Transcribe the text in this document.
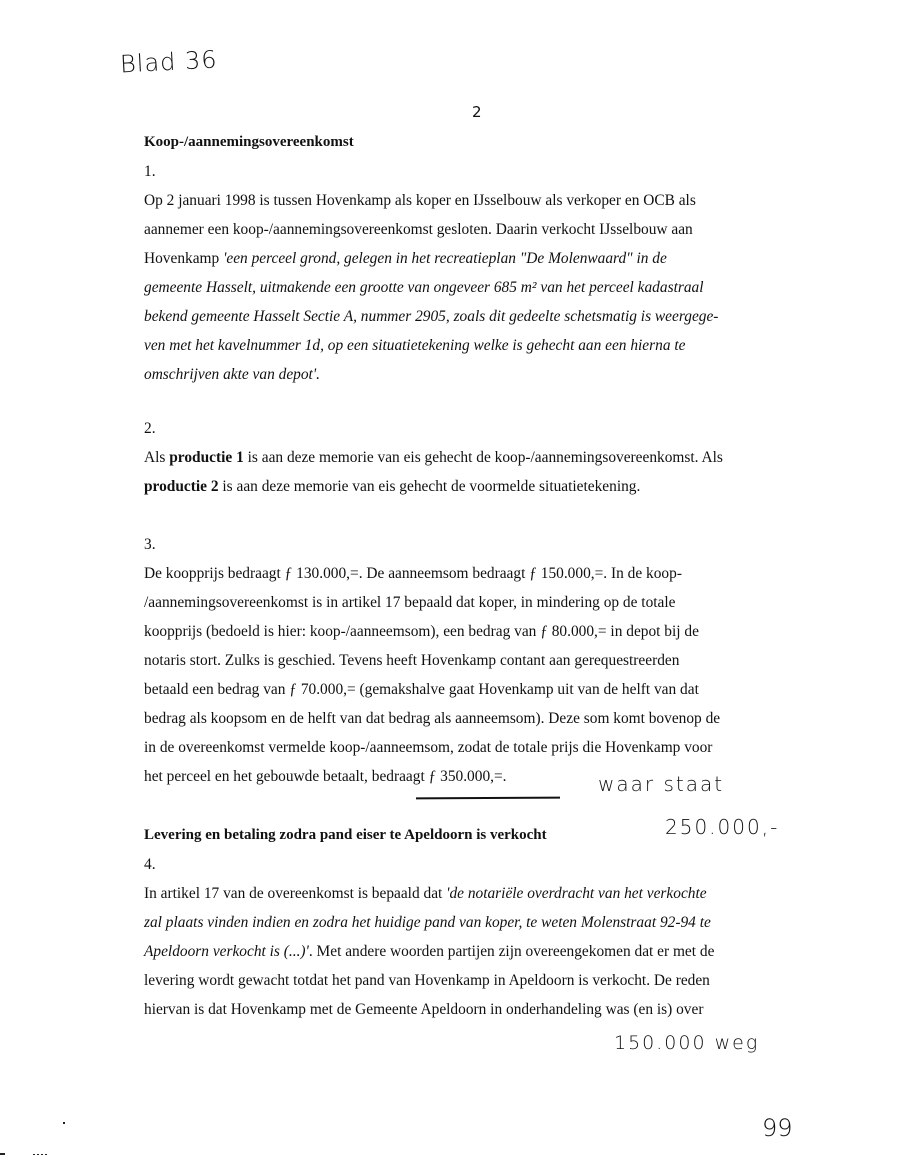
Blad 36
2
Koop-/aannemingsovereenkomst
1.
Op 2 januari 1998 is tussen Hovenkamp als koper en IJsselbouw als verkoper en OCB als
aannemer een koop-/aannemingsovereenkomst gesloten. Daarin verkocht IJsselbouw aan
Hovenkamp 'een perceel grond, gelegen in het recreatieplan "De Molenwaard" in de
gemeente Hasselt, uitmakende een grootte van ongeveer 685 m² van het perceel kadastraal
bekend gemeente Hasselt Sectie A, nummer 2905, zoals dit gedeelte schetsmatig is weergege-
ven met het kavelnummer 1d, op een situatietekening welke is gehecht aan een hierna te
omschrijven akte van depot'.
2.
Als productie 1 is aan deze memorie van eis gehecht de koop-/aannemingsovereenkomst. Als
productie 2 is aan deze memorie van eis gehecht de voormelde situatietekening.
3.
De koopprijs bedraagt ƒ 130.000,=. De aanneemsom bedraagt ƒ 150.000,=. In de koop-
/aannemingsovereenkomst is in artikel 17 bepaald dat koper, in mindering op de totale
koopprijs (bedoeld is hier: koop-/aanneemsom), een bedrag van ƒ 80.000,= in depot bij de
notaris stort. Zulks is geschied. Tevens heeft Hovenkamp contant aan gerequestreerden
betaald een bedrag van ƒ 70.000,= (gemakshalve gaat Hovenkamp uit van de helft van dat
bedrag als koopsom en de helft van dat bedrag als aanneemsom). Deze som komt bovenop de
in de overeenkomst vermelde koop-/aanneemsom, zodat de totale prijs die Hovenkamp voor
het perceel en het gebouwde betaalt, bedraagt ƒ 350.000,=.	waar staat
Levering en betaling zodra pand eiser te Apeldoorn is verkocht
4.
In artikel 17 van de overeenkomst is bepaald dat 'de notariële overdracht van het verkochte
zal plaats vinden indien en zodra het huidige pand van koper, te weten Molenstraat 92-94 te
Apeldoorn verkocht is (...)'. Met andere woorden partijen zijn overeengekomen dat er met de
levering wordt gewacht totdat het pand van Hovenkamp in Apeldoorn is verkocht. De reden
hiervan is dat Hovenkamp met de Gemeente Apeldoorn in onderhandeling was (en is) over
250.000,-
150.000 weg
99
